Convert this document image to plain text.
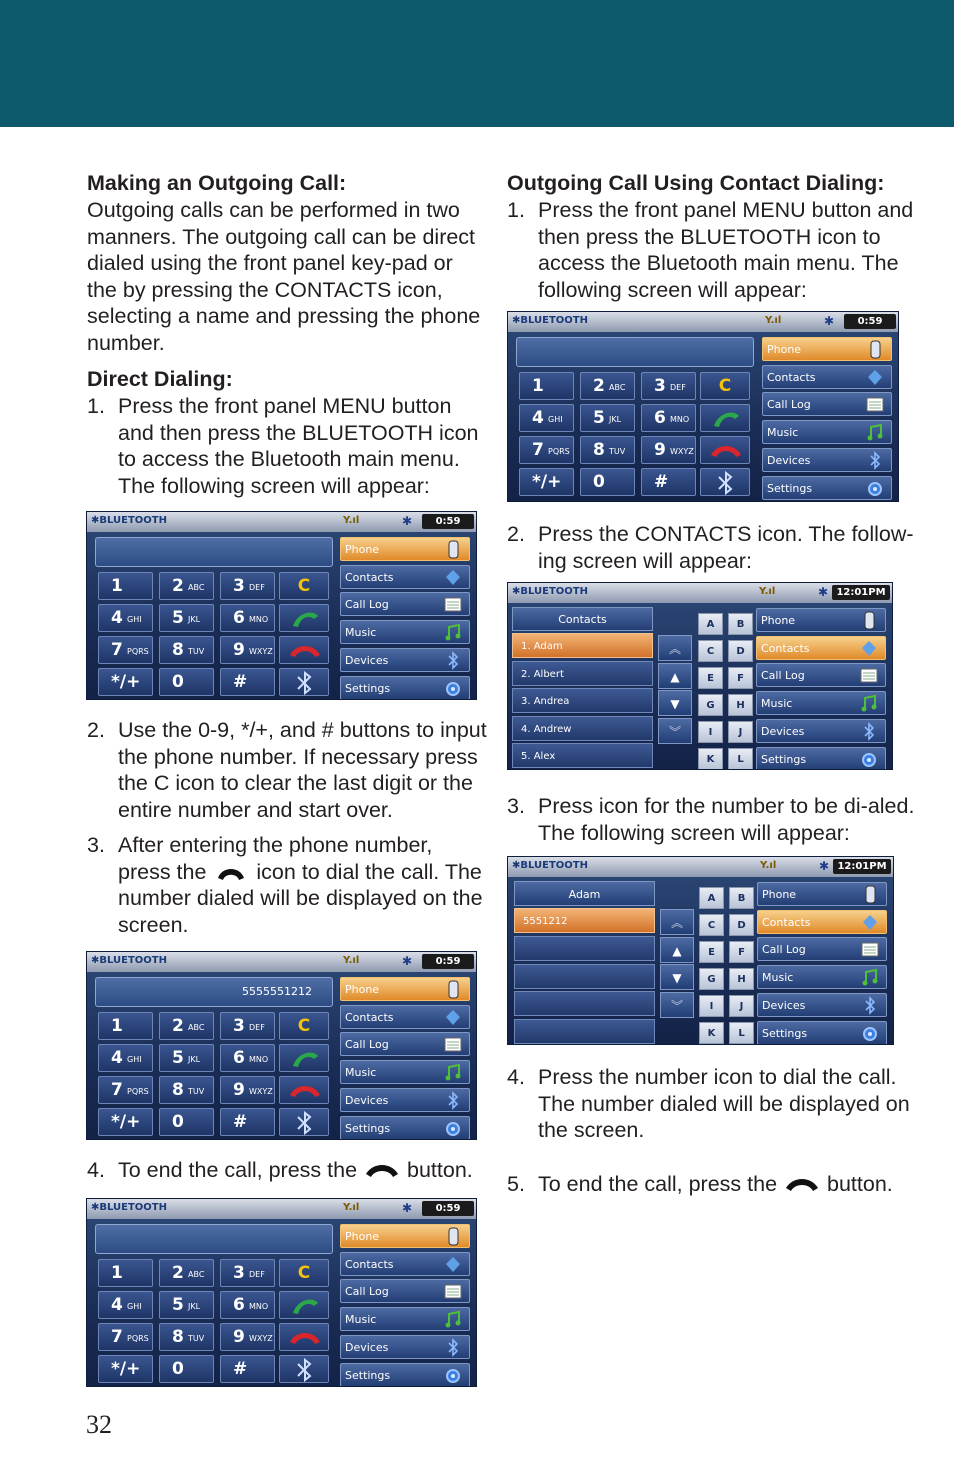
Making an Outgoing Call:

Outgoing calls can be performed in two manners. The outgoing call can be direct dialed using the front panel key-pad or the by pressing the CONTACTS icon, selecting a name and pressing the phone number.

Direct Dialing:

1. Press the front panel MENU button and then press the BLUETOOTH icon to access the Bluetooth main menu. The following screen will appear:
2. Use the 0-9, */+, and # buttons to input the phone number. If necessary press the C icon to clear the last digit or the entire number and start over.
3. After entering the phone number, press the icon to dial the call. The number dialed will be displayed on the screen.
4. To end the call, press the button.

Outgoing Call Using Contact Dialing:

1. Press the front panel MENU button and then press the BLUETOOTH icon to access the Bluetooth main menu. The following screen will appear:
2. Press the CONTACTS icon. The follow-ing screen will appear:
3. Press icon for the number to be di-aled. The following screen will appear:
4. Press the number icon to dial the call. The number dialed will be displayed on the screen.
5. To end the call, press the button.
✱BLUETOOTH	Y.ıl	✱	0:59
1	2 ABC 3 DEF
4 GHI 5 JKL 6 MNO
7 PQRS 8 TUV 9 WXYZ
*/+ 0	#
C
Phone
Contacts
Call Log
Music
Devices
Settings
✱BLUETOOTH	Y.ıl	✱	0:59
5555551212
1	2 ABC 3 DEF
4 GHI 5 JKL 6 MNO
7 PQRS 8 TUV 9 WXYZ
*/+ 0	#
C
Phone
Contacts
Call Log
Music
Devices
Settings
✱BLUETOOTH	Y.ıl	✱	0:59
1	2 ABC 3 DEF
4 GHI 5 JKL 6 MNO
7 PQRS 8 TUV 9 WXYZ
*/+ 0	#
C
Phone
Contacts
Call Log
Music
Devices
Settings
✱BLUETOOTH	Y.ıl	✱	0:59
1	2 ABC 3 DEF
4 GHI 5 JKL 6 MNO
7 PQRS 8 TUV 9 WXYZ
*/+ 0	#
C
Phone
Contacts
Call Log
Music
Devices
Settings
✱BLUETOOTH	Y.ıl	✱ 12:01PM
Contacts
1. Adam
2. Albert
3. Andrea
4. Andrew
5. Alex
︽
▲
▼
︾
A	B
C	D
E	F
G	H
I	J
K	L
Phone
Contacts
Call Log
Music
Devices
Settings
✱BLUETOOTH	Y.ıl	✱ 12:01PM
Adam
5551212	︽
▲
▼
︾
A	B
C	D
E	F
G	H
I	J
K	L
Phone
Contacts
Call Log
Music
Devices
Settings
32
